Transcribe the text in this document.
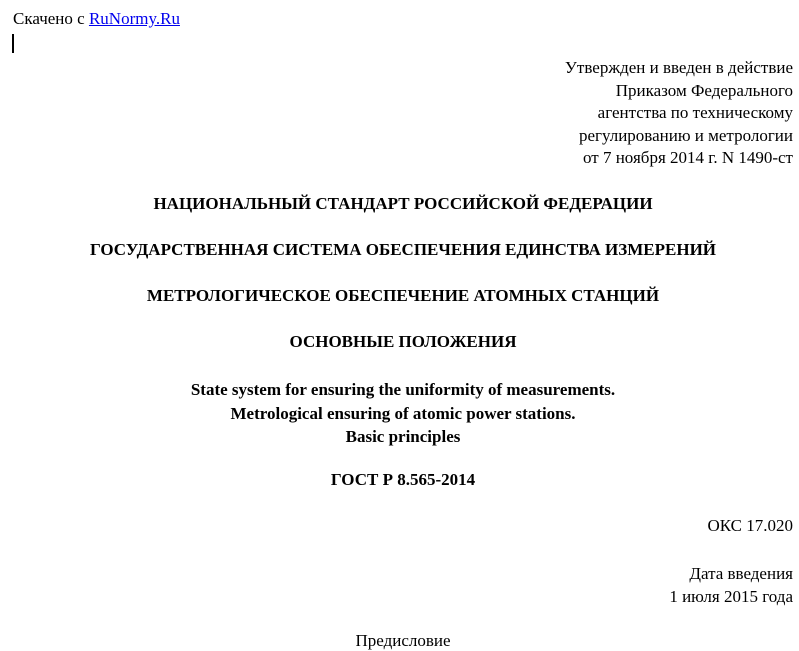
Скачено с RuNormy.Ru
Утвержден и введен в действие
Приказом Федерального
агентства по техническому
регулированию и метрологии
от 7 ноября 2014 г. N 1490-ст
НАЦИОНАЛЬНЫЙ СТАНДАРТ РОССИЙСКОЙ ФЕДЕРАЦИИ
ГОСУДАРСТВЕННАЯ СИСТЕМА ОБЕСПЕЧЕНИЯ ЕДИНСТВА ИЗМЕРЕНИЙ
МЕТРОЛОГИЧЕСКОЕ ОБЕСПЕЧЕНИЕ АТОМНЫХ СТАНЦИЙ
ОСНОВНЫЕ ПОЛОЖЕНИЯ
State system for ensuring the uniformity of measurements.
Metrological ensuring of atomic power stations.
Basic principles
ГОСТ Р 8.565-2014
ОКС 17.020
Дата введения
1 июля 2015 года
Предисловие
